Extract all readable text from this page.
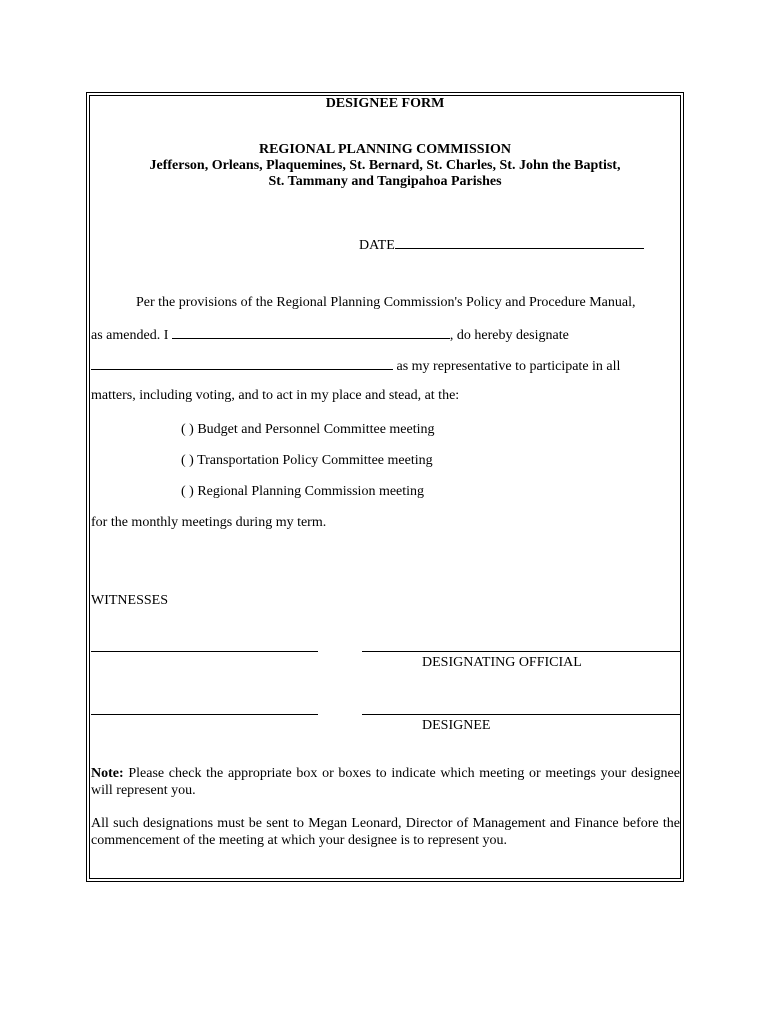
DESIGNEE FORM
REGIONAL PLANNING COMMISSION
Jefferson, Orleans, Plaquemines, St. Bernard, St. Charles, St. John the Baptist,
St. Tammany and Tangipahoa Parishes
DATE
Per the provisions of the Regional Planning Commission's Policy and Procedure Manual,
as amended. I	, do hereby designate
as my representative to participate in all
matters, including voting, and to act in my place and stead, at the:
( ) Budget and Personnel Committee meeting
( ) Transportation Policy Committee meeting
( ) Regional Planning Commission meeting
for the monthly meetings during my term.
WITNESSES
DESIGNATING OFFICIAL
DESIGNEE
Note: Please check the appropriate box or boxes to indicate which meeting or meetings your designee will represent you.
All such designations must be sent to Megan Leonard, Director of Management and Finance before the commencement of the meeting at which your designee is to represent you.
